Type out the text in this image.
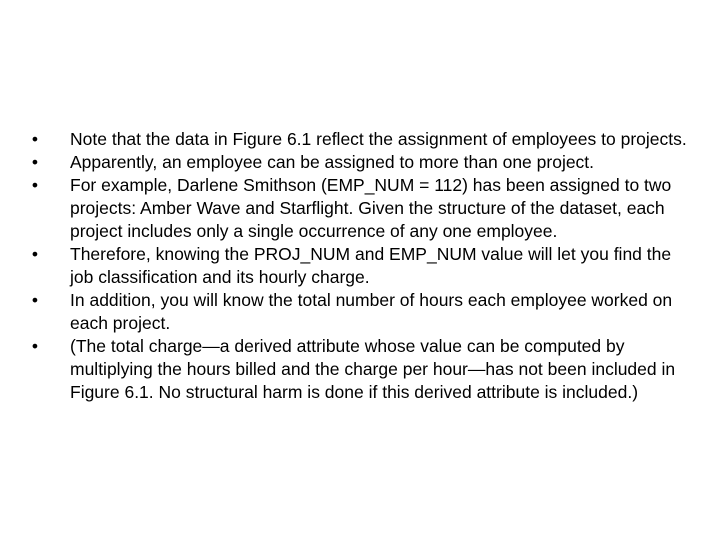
• Note that the data in Figure 6.1 reflect the assignment of employees to projects.
• Apparently, an employee can be assigned to more than one project.
• For example, Darlene Smithson (EMP_NUM = 112) has been assigned to two projects: Amber Wave and Starflight. Given the structure of the dataset, each project includes only a single occurrence of any one employee.
• Therefore, knowing the PROJ_NUM and EMP_NUM value will let you find the job classification and its hourly charge.
• In addition, you will know the total number of hours each employee worked on each project.
• (The total charge—a derived attribute whose value can be computed by multiplying the hours billed and the charge per hour—has not been included in Figure 6.1. No structural harm is done if this derived attribute is included.)
